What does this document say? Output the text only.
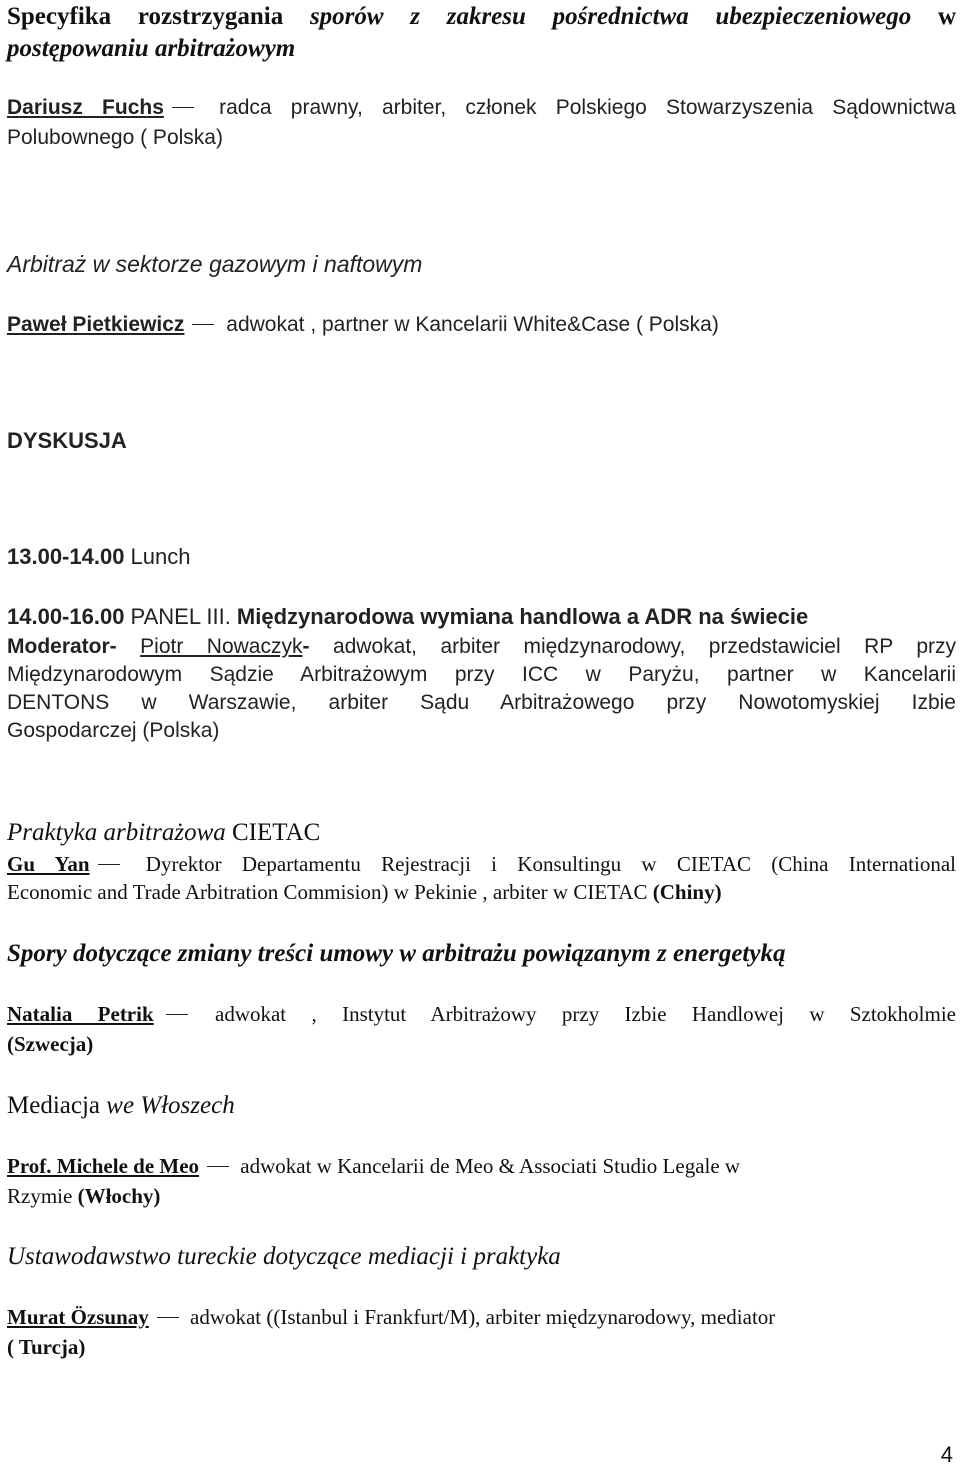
Specyfika rozstrzygania sporów z zakresu pośrednictwa ubezpieczeniowego w
postępowaniu arbitrażowym
Dariusz Fuchs radca prawny, arbiter, członek Polskiego Stowarzyszenia Sądownictwa
Polubownego ( Polska)
Arbitraż w sektorze gazowym i naftowym
Paweł Pietkiewicz adwokat , partner w Kancelarii White&Case ( Polska)
DYSKUSJA
13.00-14.00 Lunch
14.00-16.00 PANEL III. Międzynarodowa wymiana handlowa a ADR na świecie
Moderator- Piotr Nowaczyk- adwokat, arbiter międzynarodowy, przedstawiciel RP przy
Międzynarodowym Sądzie Arbitrażowym przy ICC w Paryżu, partner w Kancelarii
DENTONS w Warszawie, arbiter Sądu Arbitrażowego przy Nowotomyskiej Izbie
Gospodarczej (Polska)
Praktyka arbitrażowa CIETAC
Gu Yan Dyrektor Departamentu Rejestracji i Konsultingu w CIETAC (China International
Economic and Trade Arbitration Commision) w Pekinie , arbiter w CIETAC (Chiny)
Spory dotyczące zmiany treści umowy w arbitrażu powiązanym z energetyką
Natalia Petrik adwokat , Instytut Arbitrażowy przy Izbie Handlowej w Sztokholmie
(Szwecja)
Mediacja we Włoszech
Prof. Michele de Meo adwokat w Kancelarii de Meo & Associati Studio Legale w
Rzymie (Włochy)
Ustawodawstwo tureckie dotyczące mediacji i praktyka
Murat Özsunay adwokat ((Istanbul i Frankfurt/M), arbiter międzynarodowy, mediator
( Turcja)
4
